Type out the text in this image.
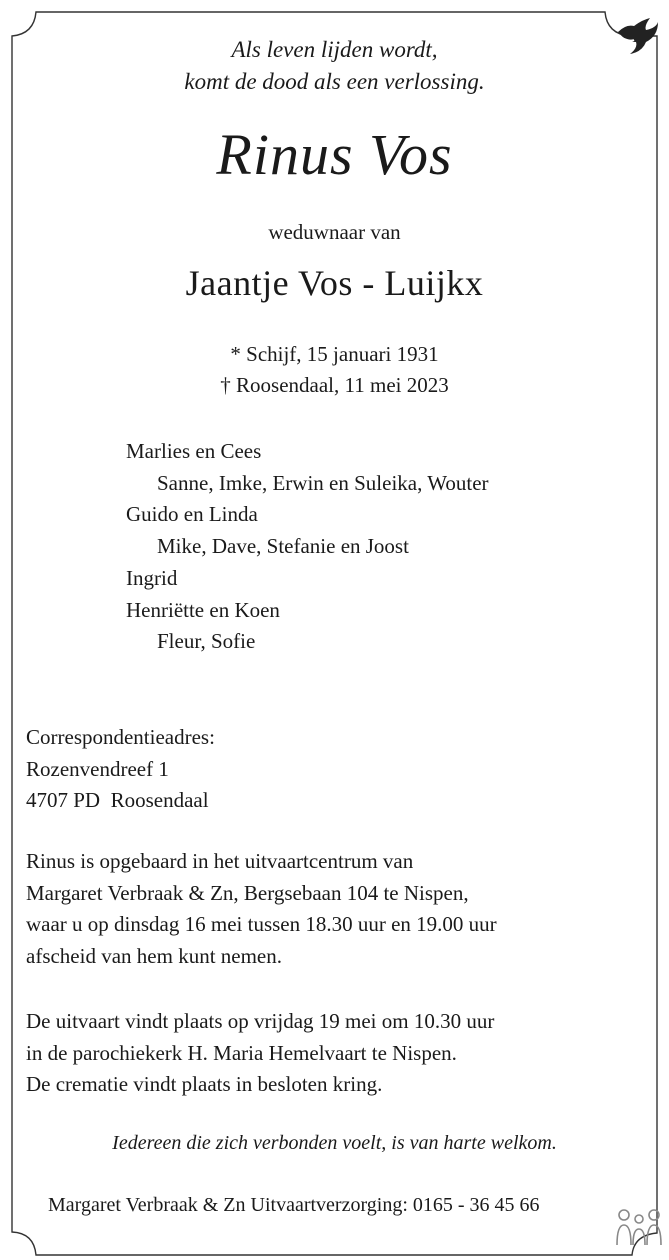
Als leven lijden wordt,
komt de dood als een verlossing.
Rinus Vos
weduwnaar van
Jaantje Vos - Luijkx
* Schijf, 15 januari 1931
† Roosendaal, 11 mei 2023
Marlies en Cees
Sanne, Imke, Erwin en Suleika, Wouter
Guido en Linda
Mike, Dave, Stefanie en Joost
Ingrid
Henriëtte en Koen
Fleur, Sofie
Correspondentieadres:
Rozenvendreef 1
4707 PD  Roosendaal
Rinus is opgebaard in het uitvaartcentrum van
Margaret Verbraak & Zn, Bergsebaan 104 te Nispen,
waar u op dinsdag 16 mei tussen 18.30 uur en 19.00 uur
afscheid van hem kunt nemen.
De uitvaart vindt plaats op vrijdag 19 mei om 10.30 uur
in de parochiekerk H. Maria Hemelvaart te Nispen.
De crematie vindt plaats in besloten kring.
Iedereen die zich verbonden voelt, is van harte welkom.
Margaret Verbraak & Zn Uitvaartverzorging: 0165 - 36 45 66
